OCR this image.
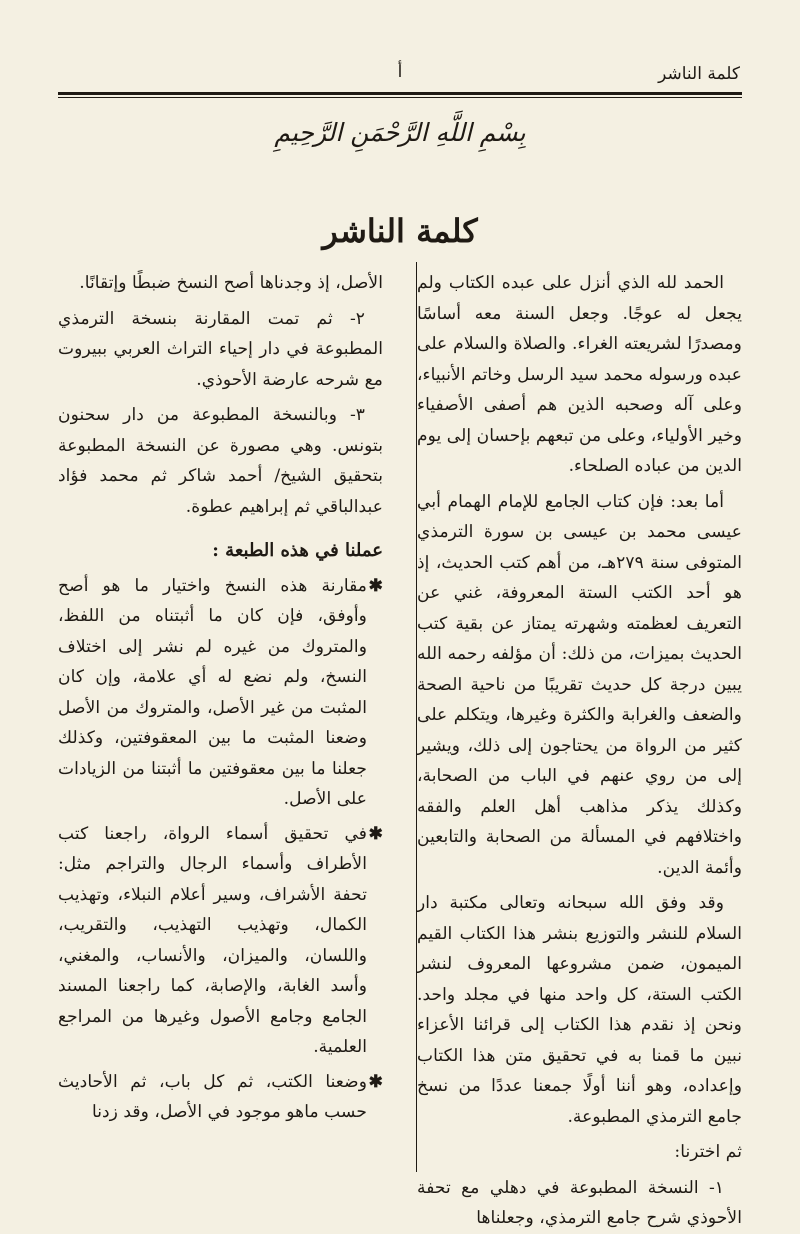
كلمة الناشر
أ
بِسْمِ اللَّهِ الرَّحْمَنِ الرَّحِيمِ
كلمة الناشر

الحمد لله الذي أنزل على عبده الكتاب ولم يجعل له عوجًا. وجعل السنة معه أساسًا ومصدرًا لشريعته الغراء. والصلاة والسلام على عبده ورسوله محمد سيد الرسل وخاتم الأنبياء، وعلى آله وصحبه الذين هم أصفى الأصفياء وخير الأولياء، وعلى من تبعهم بإحسان إلى يوم الدين من عباده الصلحاء.

أما بعد: فإن كتاب الجامع للإمام الهمام أبي عيسى محمد بن عيسى بن سورة الترمذي المتوفى سنة ٢٧٩هـ، من أهم كتب الحديث، إذ هو أحد الكتب الستة المعروفة، غني عن التعريف لعظمته وشهرته يمتاز عن بقية كتب الحديث بميزات، من ذلك: أن مؤلفه رحمه الله يبين درجة كل حديث تقريبًا من ناحية الصحة والضعف والغرابة والكثرة وغيرها، ويتكلم على كثير من الرواة من يحتاجون إلى ذلك، ويشير إلى من روي عنهم في الباب من الصحابة، وكذلك يذكر مذاهب أهل العلم والفقه واختلافهم في المسألة من الصحابة والتابعين وأئمة الدين.

وقد وفق الله سبحانه وتعالى مكتبة دار السلام للنشر والتوزيع بنشر هذا الكتاب القيم الميمون، ضمن مشروعها المعروف لنشر الكتب الستة، كل واحد منها في مجلد واحد. ونحن إذ نقدم هذا الكتاب إلى قرائنا الأعزاء نبين ما قمنا به في تحقيق متن هذا الكتاب وإعداده، وهو أننا أولًا جمعنا عددًا من نسخ جامع الترمذي المطبوعة.

ثم اخترنا:

١- النسخة المطبوعة في دهلي مع تحفة الأحوذي شرح جامع الترمذي، وجعلناها

الأصل، إذ وجدناها أصح النسخ ضبطًا وإتقانًا.

٢- ثم تمت المقارنة بنسخة الترمذي المطبوعة في دار إحياء التراث العربي ببيروت مع شرحه عارضة الأحوذي.

٣- وبالنسخة المطبوعة من دار سحنون بتونس. وهي مصورة عن النسخة المطبوعة بتحقيق الشيخ/ أحمد شاكر ثم محمد فؤاد عبدالباقي ثم إبراهيم عطوة.

عملنا في هذه الطبعة :
✱
مقارنة هذه النسخ واختيار ما هو أصح وأوفق، فإن كان ما أثبتناه من اللفظ، والمتروك من غيره لم نشر إلى اختلاف النسخ، ولم نضع له أي علامة، وإن كان المثبت من غير الأصل، والمتروك من الأصل وضعنا المثبت ما بين المعقوفتين، وكذلك جعلنا ما بين معقوفتين ما أثبتنا من الزيادات على الأصل.
✱
في تحقيق أسماء الرواة، راجعنا كتب الأطراف وأسماء الرجال والتراجم مثل: تحفة الأشراف، وسير أعلام النبلاء، وتهذيب الكمال، وتهذيب التهذيب، والتقريب، واللسان، والميزان، والأنساب، والمغني، وأسد الغابة، والإصابة، كما راجعنا المسند الجامع وجامع الأصول وغيرها من المراجع العلمية.
✱
وضعنا الكتب، ثم كل باب، ثم الأحاديث حسب ماهو موجود في الأصل، وقد زدنا
